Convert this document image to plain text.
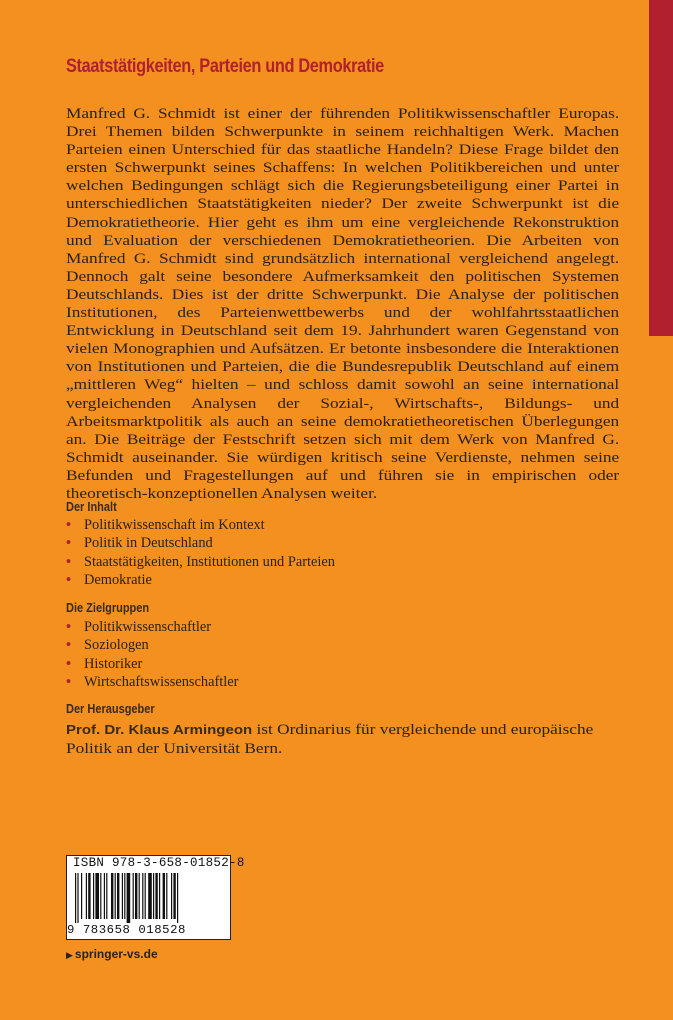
Staatstätigkeiten, Parteien und Demokratie

Manfred G. Schmidt ist einer der führenden Politikwissenschaftler Europas. Drei Themen bilden Schwerpunkte in seinem reichhaltigen Werk. Machen Parteien einen Unterschied für das staatliche Handeln? Diese Frage bildet den ersten Schwerpunkt seines Schaffens: In welchen Politikbereichen und unter welchen Bedingungen schlägt sich die Regierungsbeteiligung einer Partei in unterschiedlichen Staatstätigkeiten nieder? Der zweite Schwerpunkt ist die Demokratietheorie. Hier geht es ihm um eine vergleichende Rekonstruktion und Evaluation der verschiedenen Demokratietheorien. Die Arbeiten von Manfred G. Schmidt sind grundsätzlich international vergleichend angelegt. Dennoch galt seine besondere Aufmerksamkeit den politischen Systemen Deutschlands. Dies ist der dritte Schwerpunkt. Die Analyse der politischen Institutionen, des Parteienwettbewerbs und der wohlfahrtsstaatlichen Entwicklung in Deutschland seit dem 19. Jahrhundert waren Gegenstand von vielen Monographien und Aufsätzen. Er betonte insbesondere die Interaktionen von Institutionen und Parteien, die die Bundesrepublik Deutschland auf einem „mittleren Weg“ hielten – und schloss damit sowohl an seine international vergleichenden Analysen der Sozial-, Wirtschafts-, Bildungs- und Arbeitsmarktpolitik als auch an seine demokratietheoretischen Überlegungen an. Die Beiträge der Festschrift setzen sich mit dem Werk von Manfred G. Schmidt auseinander. Sie würdigen kritisch seine Verdienste, nehmen seine Befunden und Fragestellungen auf und führen sie in empirischen oder theoretisch-konzeptionellen Analysen weiter.

Der Inhalt
• Politikwissenschaft im Kontext
• Politik in Deutschland
• Staatstätigkeiten, Institutionen und Parteien
• Demokratie
Die Zielgruppen
• Politikwissenschaftler
• Soziologen
• Historiker
• Wirtschaftswissenschaftler
Der Herausgeber

Prof. Dr. Klaus Armingeon ist Ordinarius für vergleichende und europäische Politik an der Universität Bern.

ISBN 978-3-658-01852-8
9 783658 018528
▶ springer-vs.de
